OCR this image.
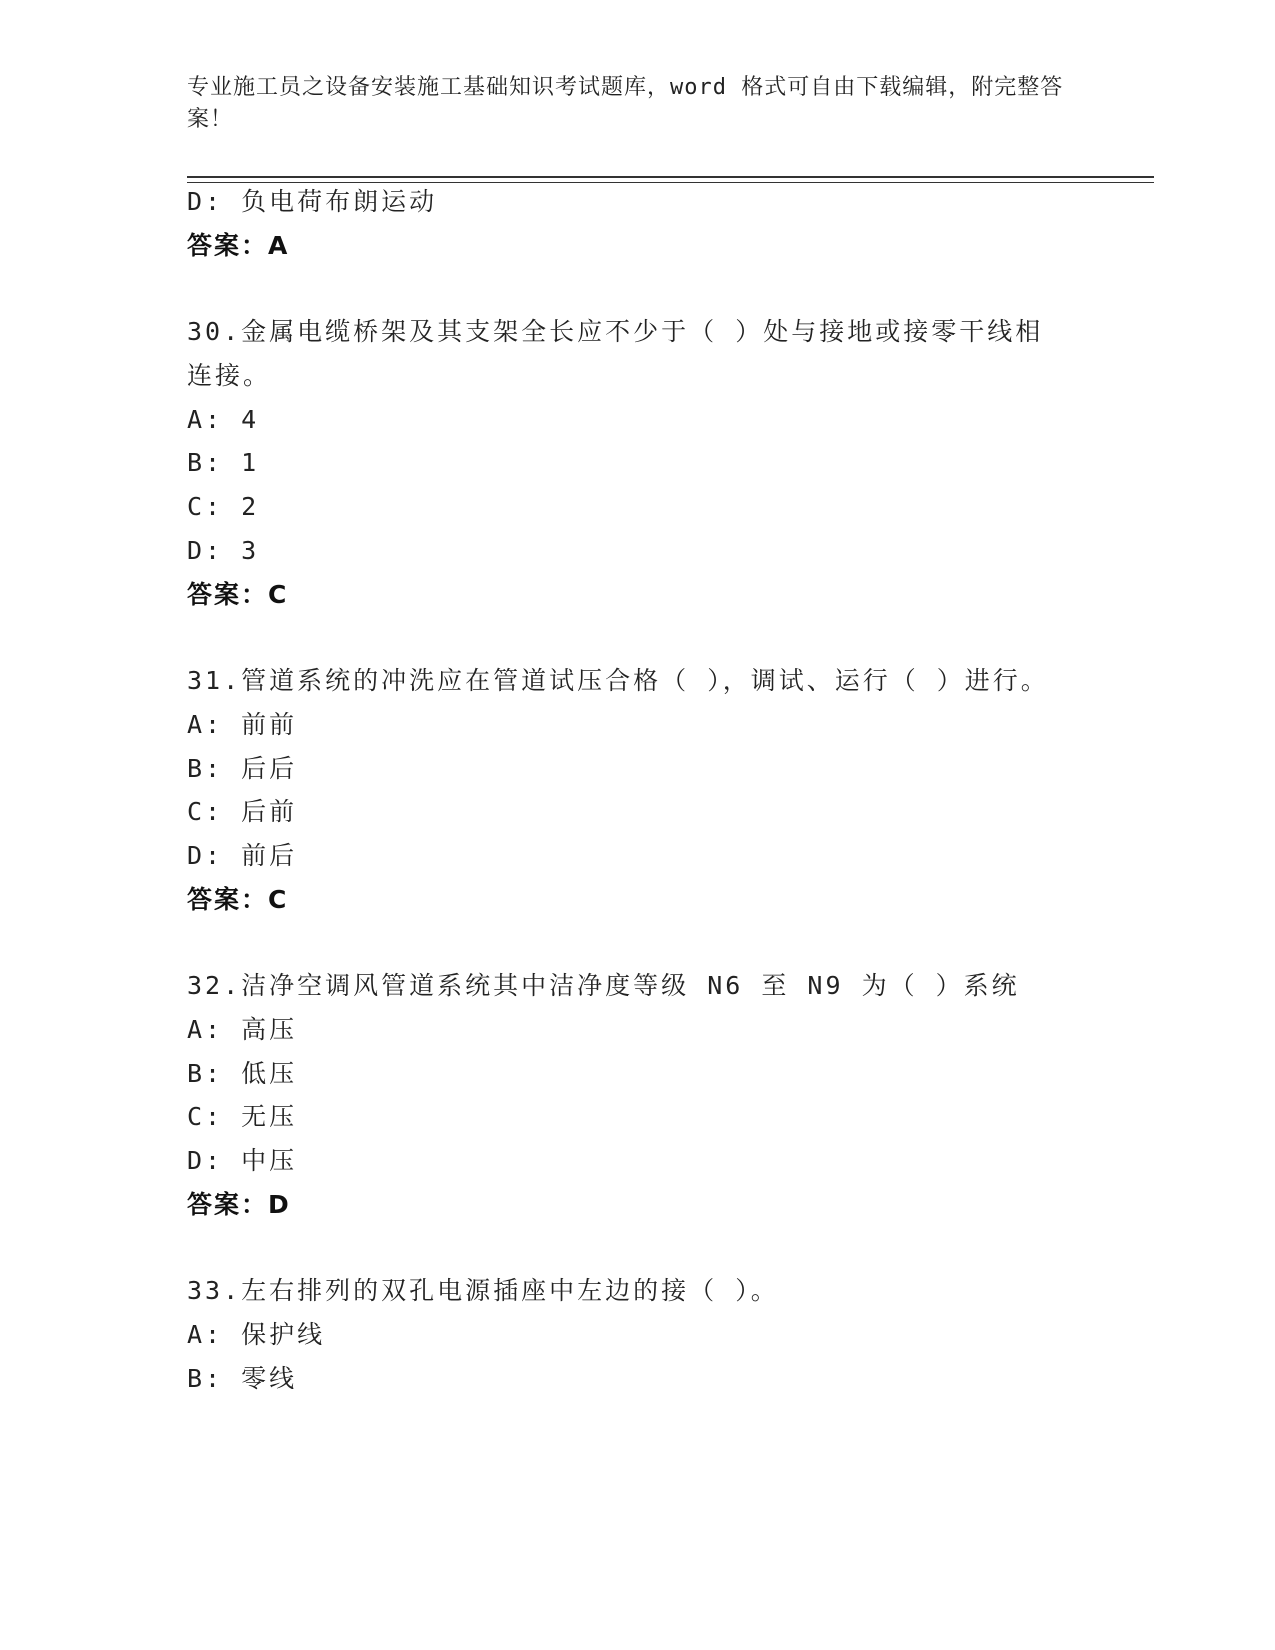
专业施工员之设备安装施工基础知识考试题库，word 格式可自由下载编辑，附完整答案！
D: 负电荷布朗运动
答案：A
30.金属电缆桥架及其支架全长应不少于（ ）处与接地或接零干线相
连接。
A: 4
B: 1
C: 2
D: 3
答案：C
31.管道系统的冲洗应在管道试压合格（ ），调试、运行（ ）进行。
A: 前前
B: 后后
C: 后前
D: 前后
答案：C
32.洁净空调风管道系统其中洁净度等级 N6 至 N9 为（ ）系统
A: 高压
B: 低压
C: 无压
D: 中压
答案：D
33.左右排列的双孔电源插座中左边的接（ ）。
A: 保护线
B: 零线
